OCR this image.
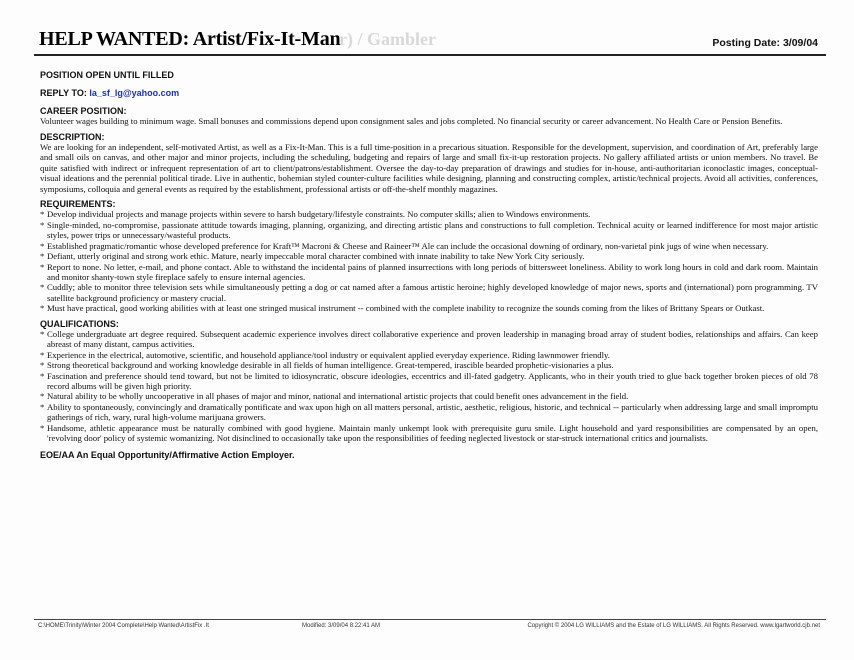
r) / Gambler
HELP WANTED: Artist/Fix-It-Man	Posting Date: 3/09/04
POSITION OPEN UNTIL FILLED
REPLY TO: la_sf_lg@yahoo.com
CAREER POSITION:

Volunteer wages building to minimum wage. Small bonuses and commissions depend upon consignment sales and jobs completed. No financial security or career advancement. No Health Care or Pension Benefits.

DESCRIPTION:

We are looking for an independent, self-motivated Artist, as well as a Fix-It-Man. This is a full time-position in a precarious situation. Responsible for the development, supervision, and coordination of Art, preferably large and small oils on canvas, and other major and minor projects, including the scheduling, budgeting and repairs of large and small fix-it-up restoration projects. No gallery affiliated artists or union members. No travel. Be quite satisfied with indirect or infrequent representation of art to client/patrons/establishment. Oversee the day-to-day preparation of drawings and studies for in-house, anti-authoritarian iconoclastic images, conceptual-visual ideations and the perennial political tirade. Live in authentic, bohemian styled counter-culture facilities while designing, planning and constructing complex, artistic/technical projects. Avoid all activities, conferences, symposiums, colloquia and general events as required by the establishment, professional artists or off-the-shelf monthly magazines.

REQUIREMENTS:
* Develop individual projects and manage projects within severe to harsh budgetary/lifestyle constraints. No computer skills; alien to Windows environments.
* Single-minded, no-compromise, passionate attitude towards imaging, planning, organizing, and directing artistic plans and constructions to full completion. Technical acuity or learned indifference for most major artistic styles, power trips or unnecessary/wasteful products.
* Established pragmatic/romantic whose developed preference for Kraft™ Macroni & Cheese and Raineer™ Ale can include the occasional downing of ordinary, non-varietal pink jugs of wine when necessary.
* Defiant, utterly original and strong work ethic. Mature, nearly impeccable moral character combined with innate inability to take New York City seriously.
* Report to none. No letter, e-mail, and phone contact. Able to withstand the incidental pains of planned insurrections with long periods of bittersweet loneliness. Ability to work long hours in cold and dark room. Maintain and monitor shanty-town style fireplace safely to ensure internal agencies.
* Cuddly; able to monitor three television sets while simultaneously petting a dog or cat named after a famous artistic heroine; highly developed knowledge of major news, sports and (international) porn programming. TV satellite background proficiency or mastery crucial.
* Must have practical, good working abilities with at least one stringed musical instrument -- combined with the complete inability to recognize the sounds coming from the likes of Brittany Spears or Outkast.
QUALIFICATIONS:
* College undergraduate art degree required. Subsequent academic experience involves direct collaborative experience and proven leadership in managing broad array of student bodies, relationships and affairs. Can keep abreast of many distant, campus activities.
* Experience in the electrical, automotive, scientific, and household appliance/tool industry or equivalent applied everyday experience. Riding lawnmower friendly.
* Strong theoretical background and working knowledge desirable in all fields of human intelligence. Great-tempered, irascible bearded prophetic-visionaries a plus.
* Fascination and preference should tend toward, but not be limited to idiosyncratic, obscure ideologies, eccentrics and ill-fated gadgetry. Applicants, who in their youth tried to glue back together broken pieces of old 78 record albums will be given high priority.
* Natural ability to be wholly uncooperative in all phases of major and minor, national and international artistic projects that could benefit ones advancement in the field.
* Ability to spontaneously, convincingly and dramatically pontificate and wax upon high on all matters personal, artistic, aesthetic, religious, historic, and technical -- particularly when addressing large and small impromptu gatherings of rich, wary, rural high-volume marijuana growers.
* Handsome, athletic appearance must be naturally combined with good hygiene. Maintain manly unkempt look with prerequisite guru smile. Light household and yard responsibilities are compensated by an open, 'revolving door' policy of systemic womanizing. Not disinclined to occasionally take upon the responsibilities of feeding neglected livestock or star-struck international critics and journalists.
EOE/AA An Equal Opportunity/Affirmative Action Employer.
C:\HOME\Trinity\Winter 2004 Complete\Help Wanted\ArtistFix .It	Modified: 3/09/04 8:22:41 AM	Copyright © 2004 LG WILLIAMS and the Estate of LG WILLIAMS. All Rights Reserved. www.lgartworld.cjb.net
